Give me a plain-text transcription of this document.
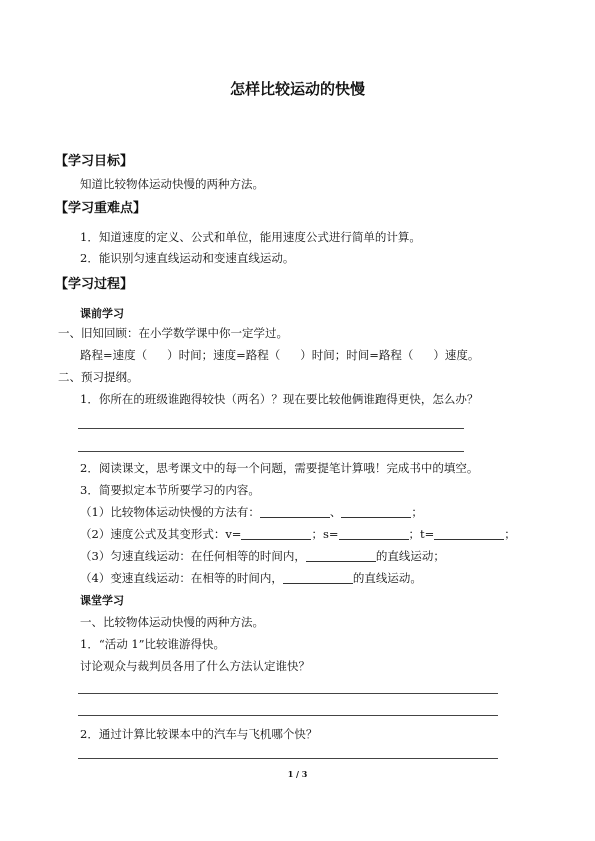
怎样比较运动的快慢
【学习目标】
知道比较物体运动快慢的两种方法。
【学习重难点】
1．知道速度的定义、公式和单位，能用速度公式进行简单的计算。
2．能识别匀速直线运动和变速直线运动。
【学习过程】
课前学习
一、旧知回顾：在小学数学课中你一定学过。
路程=速度（ ）时间；速度=路程（ ）时间；时间=路程（ ）速度。
二、预习提纲。
1．你所在的班级谁跑得较快（两名）？现在要比较他俩谁跑得更快，怎么办？
2．阅读课文，思考课文中的每一个问题，需要提笔计算哦！完成书中的填空。
3．简要拟定本节所要学习的内容。
（1）比较物体运动快慢的方法有：	、	；
（2）速度公式及其变形式：v=	；s=	；t=	；
（3）匀速直线运动：在任何相等的时间内，	的直线运动；
（4）变速直线运动：在相等的时间内，	的直线运动。
课堂学习
一、比较物体运动快慢的两种方法。
1．“活动 1”比较谁游得快。
讨论观众与裁判员各用了什么方法认定谁快？
2．通过计算比较课本中的汽车与飞机哪个快？
1 / 3
